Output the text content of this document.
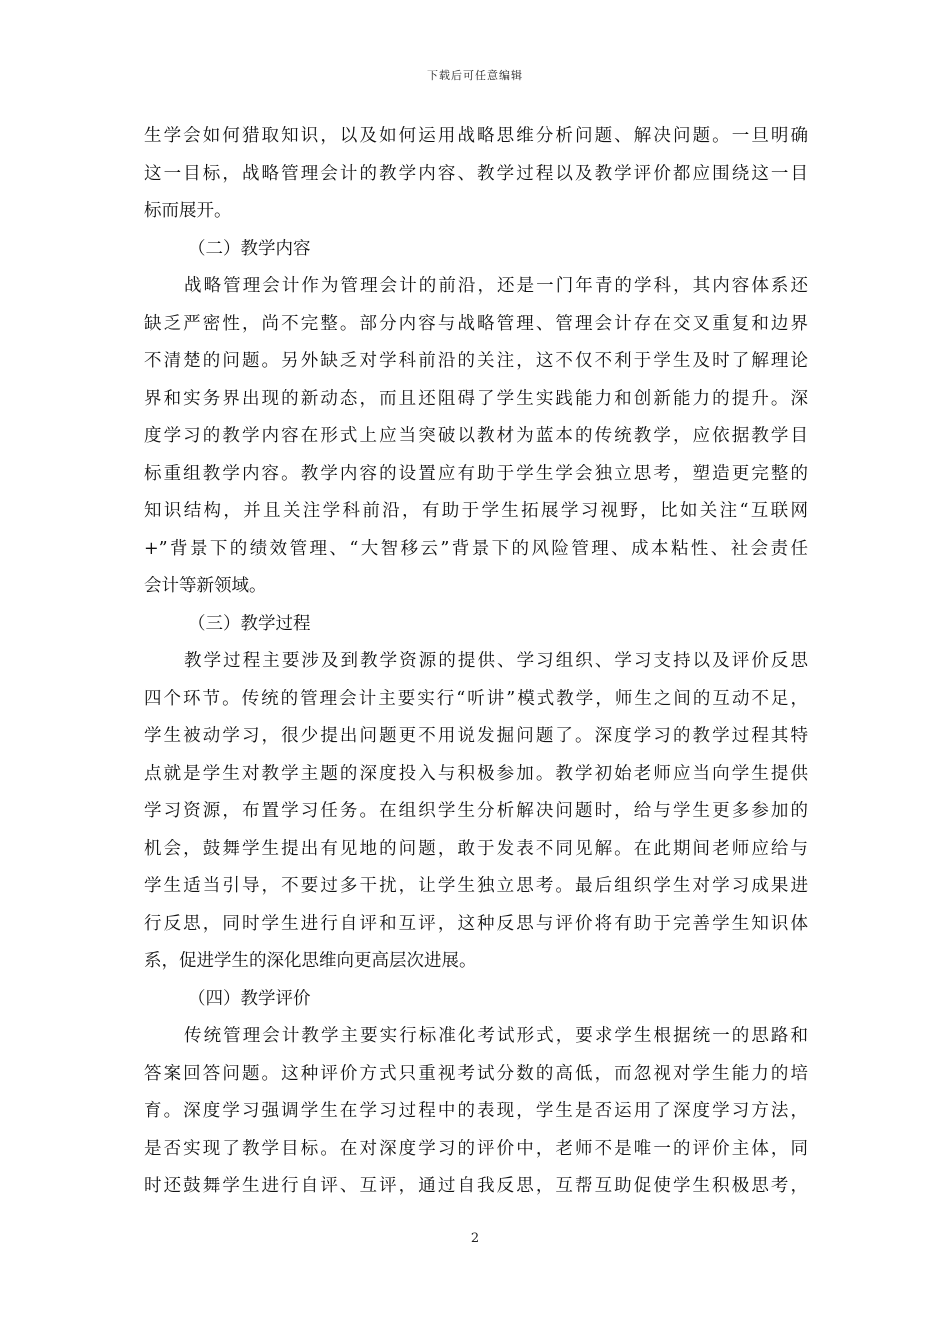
下载后可任意编辑
生学会如何猎取知识，以及如何运用战略思维分析问题、解决问题。一旦明确
这一目标，战略管理会计的教学内容、教学过程以及教学评价都应围绕这一目
标而展开。
（二）教学内容
战略管理会计作为管理会计的前沿，还是一门年青的学科，其内容体系还
缺乏严密性，尚不完整。部分内容与战略管理、管理会计存在交叉重复和边界
不清楚的问题。另外缺乏对学科前沿的关注，这不仅不利于学生及时了解理论
界和实务界出现的新动态，而且还阻碍了学生实践能力和创新能力的提升。深
度学习的教学内容在形式上应当突破以教材为蓝本的传统教学，应依据教学目
标重组教学内容。教学内容的设置应有助于学生学会独立思考，塑造更完整的
知识结构，并且关注学科前沿，有助于学生拓展学习视野，比如关注“互联网
+”背景下的绩效管理、“大智移云”背景下的风险管理、成本粘性、社会责任
会计等新领域。
（三）教学过程
教学过程主要涉及到教学资源的提供、学习组织、学习支持以及评价反思
四个环节。传统的管理会计主要实行“听讲”模式教学，师生之间的互动不足，
学生被动学习，很少提出问题更不用说发掘问题了。深度学习的教学过程其特
点就是学生对教学主题的深度投入与积极参加。教学初始老师应当向学生提供
学习资源，布置学习任务。在组织学生分析解决问题时，给与学生更多参加的
机会，鼓舞学生提出有见地的问题，敢于发表不同见解。在此期间老师应给与
学生适当引导，不要过多干扰，让学生独立思考。最后组织学生对学习成果进
行反思，同时学生进行自评和互评，这种反思与评价将有助于完善学生知识体
系，促进学生的深化思维向更高层次进展。
（四）教学评价
传统管理会计教学主要实行标准化考试形式，要求学生根据统一的思路和
答案回答问题。这种评价方式只重视考试分数的高低，而忽视对学生能力的培
育。深度学习强调学生在学习过程中的表现，学生是否运用了深度学习方法，
是否实现了教学目标。在对深度学习的评价中，老师不是唯一的评价主体，同
时还鼓舞学生进行自评、互评，通过自我反思，互帮互助促使学生积极思考，
2
